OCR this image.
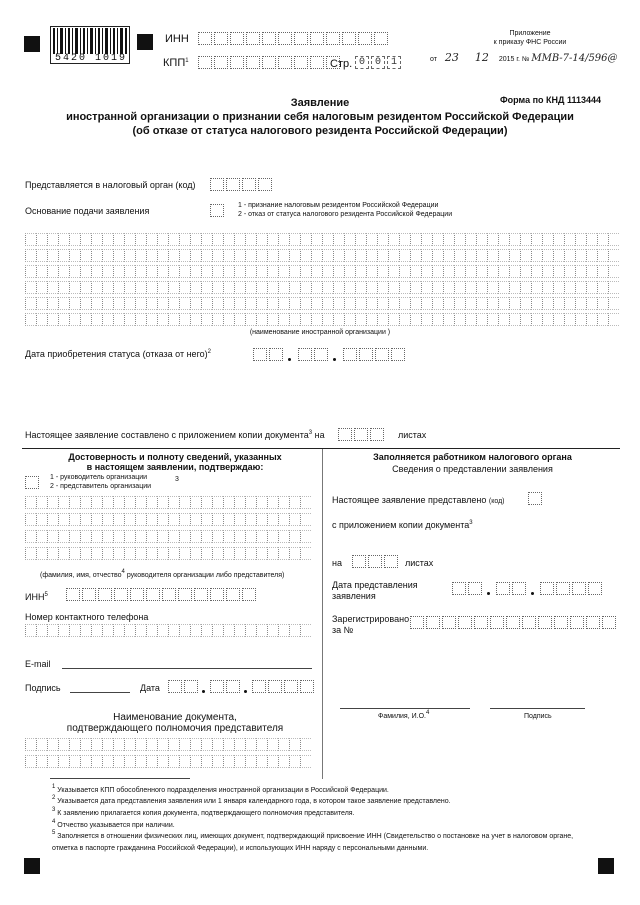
5420 1019
ИНН
КПП$^1$	Стр. 0 0 1
Приложение
к приказу ФНС России
от 23 12 2015 г. № ММВ-7-14/596@
Форма по КНД 1113444
Заявление
иностранной организации о признании себя налоговым резидентом Российской Федерации
(об отказе от статуса налогового резидента Российской Федерации)
Представляется в налоговый орган (код)
Основание подачи заявления
1 - признание налоговым резидентом Российской Федерации
2 - отказ от статуса налогового резидента Российской Федерации
(наименование иностранной организации )
Дата приобретения статуса (отказа от него)$^2$
Настоящее заявление составлено с приложением копии документа$^3$ на	листах
Достоверность и полноту сведений, указанных
в настоящем заявлении, подтверждаю:
1 - руководитель организации
2 - представитель организации
3
(фамилия, имя, отчество$^4$ руководителя организации либо представителя)
ИНН$^5$
Номер контактного телефона
E-mail
Подпись	Дата
Наименование документа,
подтверждающего полномочия представителя
Заполняется работником налогового органа
Сведения о представлении заявления
Настоящее заявление представлено (код)
с приложением копии документа$^3$
на	листах
Дата представления
заявления
Зарегистрировано
за №
Фамилия, И.О.$^4$	Подпись
$^1$ Указывается КПП обособленного подразделения иностранной организации в Российской Федерации.
$^2$ Указывается дата представления заявления или 1 января календарного года, в котором такое заявление представлено.
$^3$ К заявлению прилагается копия документа, подтверждающего полномочия представителя.
$^4$ Отчество указывается при наличии.
$^5$ Заполняется в отношении физических лиц, имеющих документ, подтверждающий присвоение ИНН (Свидетельство о постановке на учет в налоговом органе,
отметка в паспорте гражданина Российской Федерации), и использующих ИНН наряду с персональными данными.
